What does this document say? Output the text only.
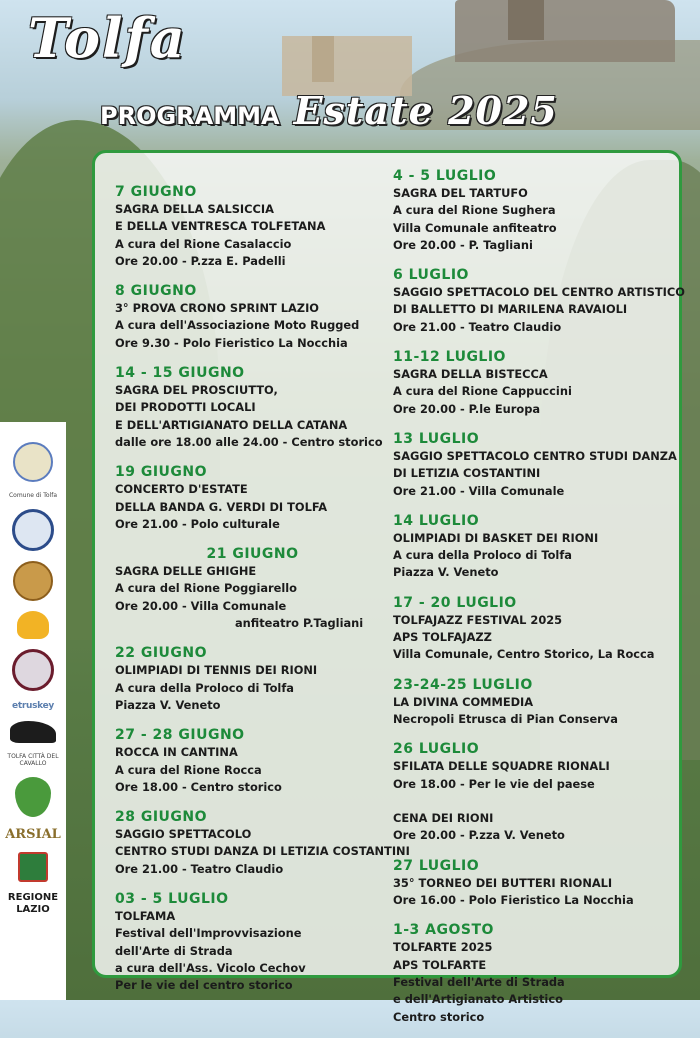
Tolfa
PROGRAMMA Estate 2025
7 GIUGNO
SAGRA DELLA SALSICCIA
E DELLA VENTRESCA TOLFETANA
A cura del Rione Casalaccio
Ore 20.00 - P.zza E. Padelli
8 GIUGNO
3° PROVA CRONO SPRINT LAZIO
A cura dell'Associazione Moto Rugged
Ore 9.30 - Polo Fieristico La Nocchia
14 - 15 GIUGNO
SAGRA DEL PROSCIUTTO,
DEI PRODOTTI LOCALI
E DELL'ARTIGIANATO DELLA CATANA
dalle ore 18.00 alle 24.00 - Centro storico
19 GIUGNO
CONCERTO D'ESTATE
DELLA BANDA G. VERDI DI TOLFA
Ore 21.00 - Polo culturale
21 GIUGNO
SAGRA DELLE GHIGHE
A cura del Rione Poggiarello
Ore 20.00 - Villa Comunale
anfiteatro P.Tagliani
22 GIUGNO
OLIMPIADI DI TENNIS DEI RIONI
A cura della Proloco di Tolfa
Piazza V. Veneto
27 - 28 GIUGNO
ROCCA IN CANTINA
A cura del Rione Rocca
Ore 18.00 - Centro storico
28 GIUGNO
SAGGIO SPETTACOLO
CENTRO STUDI DANZA DI LETIZIA COSTANTINI
Ore 21.00 - Teatro Claudio
03 - 5 LUGLIO
TOLFAMA
Festival dell'Improvvisazione
dell'Arte di Strada
a cura dell'Ass. Vicolo Cechov
Per le vie del centro storico
4 - 5 LUGLIO
SAGRA DEL TARTUFO
A cura del Rione Sughera
Villa Comunale anfiteatro
Ore 20.00 - P. Tagliani
6 LUGLIO
SAGGIO SPETTACOLO DEL CENTRO ARTISTICO
DI BALLETTO DI MARILENA RAVAIOLI
Ore 21.00 - Teatro Claudio
11-12 LUGLIO
SAGRA DELLA BISTECCA
A cura del Rione Cappuccini
Ore 20.00 - P.le Europa
13 LUGLIO
SAGGIO SPETTACOLO CENTRO STUDI DANZA
DI LETIZIA COSTANTINI
Ore 21.00 - Villa Comunale
14 LUGLIO
OLIMPIADI DI BASKET DEI RIONI
A cura della Proloco di Tolfa
Piazza V. Veneto
17 - 20 LUGLIO
TOLFAJAZZ FESTIVAL 2025
APS TOLFAJAZZ
Villa Comunale, Centro Storico, La Rocca
23-24-25 LUGLIO
LA DIVINA COMMEDIA
Necropoli Etrusca di Pian Conserva
26 LUGLIO
SFILATA DELLE SQUADRE RIONALI
Ore 18.00 - Per le vie del paese

CENA DEI RIONI
Ore 20.00 - P.zza V. Veneto
27 LUGLIO
35° TORNEO DEI BUTTERI RIONALI
Ore 16.00 - Polo Fieristico La Nocchia
1-3 AGOSTO
TOLFARTE 2025
APS TOLFARTE
Festival dell'Arte di Strada
e dell'Artigianato Artistico
Centro storico
Comune di Tolfa
etruskey
TOLFA CITTÀ DEL CAVALLO
ARSIAL
REGIONE
LAZIO
